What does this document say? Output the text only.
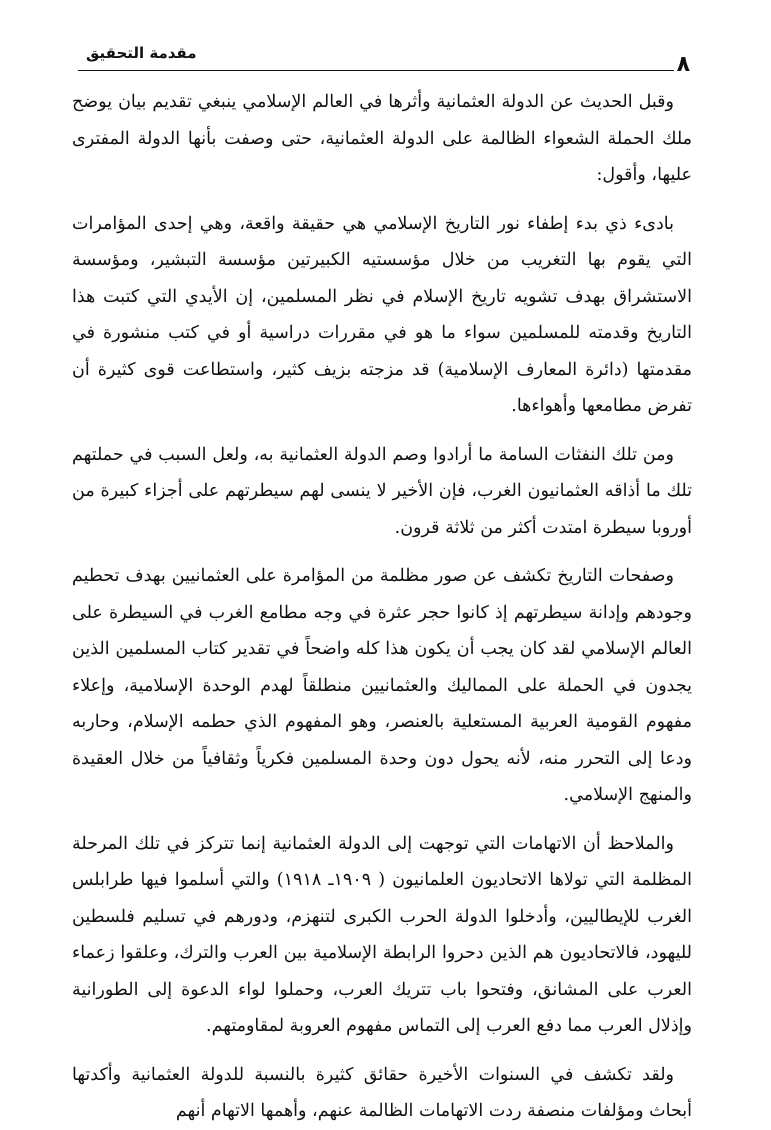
٨
مقدمة التحقيق

وقبل الحديث عن الدولة العثمانية وأثرها في العالم الإسلامي ينبغي تقديم بيان يوضح ملك الحملة الشعواء الظالمة على الدولة العثمانية، حتى وصفت بأنها الدولة المفترى عليها، وأقول:

بادىء ذي بدء إطفاء نور التاريخ الإسلامي هي حقيقة واقعة، وهي إحدى المؤامرات التي يقوم بها التغريب من خلال مؤسستيه الكبيرتين مؤسسة التبشير، ومؤسسة الاستشراق بهدف تشويه تاريخ الإسلام في نظر المسلمين، إن الأيدي التي كتبت هذا التاريخ وقدمته للمسلمين سواء ما هو في مقررات دراسية أو في كتب منشورة في مقدمتها (دائرة المعارف الإسلامية) قد مزجته بزيف كثير، واستطاعت قوى كثيرة أن تفرض مطامعها وأهواءها.

ومن تلك النفثات السامة ما أرادوا وصم الدولة العثمانية به، ولعل السبب في حملتهم تلك ما أذاقه العثمانيون الغرب، فإن الأخير لا ينسى لهم سيطرتهم على أجزاء كبيرة من أوروبا سيطرة امتدت أكثر من ثلاثة قرون.

وصفحات التاريخ تكشف عن صور مظلمة من المؤامرة على العثمانيين بهدف تحطيم وجودهم وإدانة سيطرتهم إذ كانوا حجر عثرة في وجه مطامع الغرب في السيطرة على العالم الإسلامي لقد كان يجب أن يكون هذا كله واضحاً في تقدير كتاب المسلمين الذين يجدون في الحملة على المماليك والعثمانيين منطلقاً لهدم الوحدة الإسلامية، وإعلاء مفهوم القومية العربية المستعلية بالعنصر، وهو المفهوم الذي حطمه الإسلام، وحاربه ودعا إلى التحرر منه، لأنه يحول دون وحدة المسلمين فكرياً وثقافياً من خلال العقيدة والمنهج الإسلامي.

والملاحظ أن الاتهامات التي توجهت إلى الدولة العثمانية إنما تتركز في تلك المرحلة المظلمة التي تولاها الاتحاديون العلمانيون ( ١٩٠٩ـ ١٩١٨) والتي أسلموا فيها طرابلس الغرب للإيطاليين، وأدخلوا الدولة الحرب الكبرى لتنهزم، ودورهم في تسليم فلسطين لليهود، فالاتحاديون هم الذين دحروا الرابطة الإسلامية بين العرب والترك، وعلقوا زعماء العرب على المشانق، وفتحوا باب تتريك العرب، وحملوا لواء الدعوة إلى الطورانية وإذلال العرب مما دفع العرب إلى التماس مفهوم العروبة لمقاومتهم.

ولقد تكشف في السنوات الأخيرة حقائق كثيرة بالنسبة للدولة العثمانية وأكدتها أبحاث ومؤلفات منصفة ردت الاتهامات الظالمة عنهم، وأهمها الاتهام أنهم
